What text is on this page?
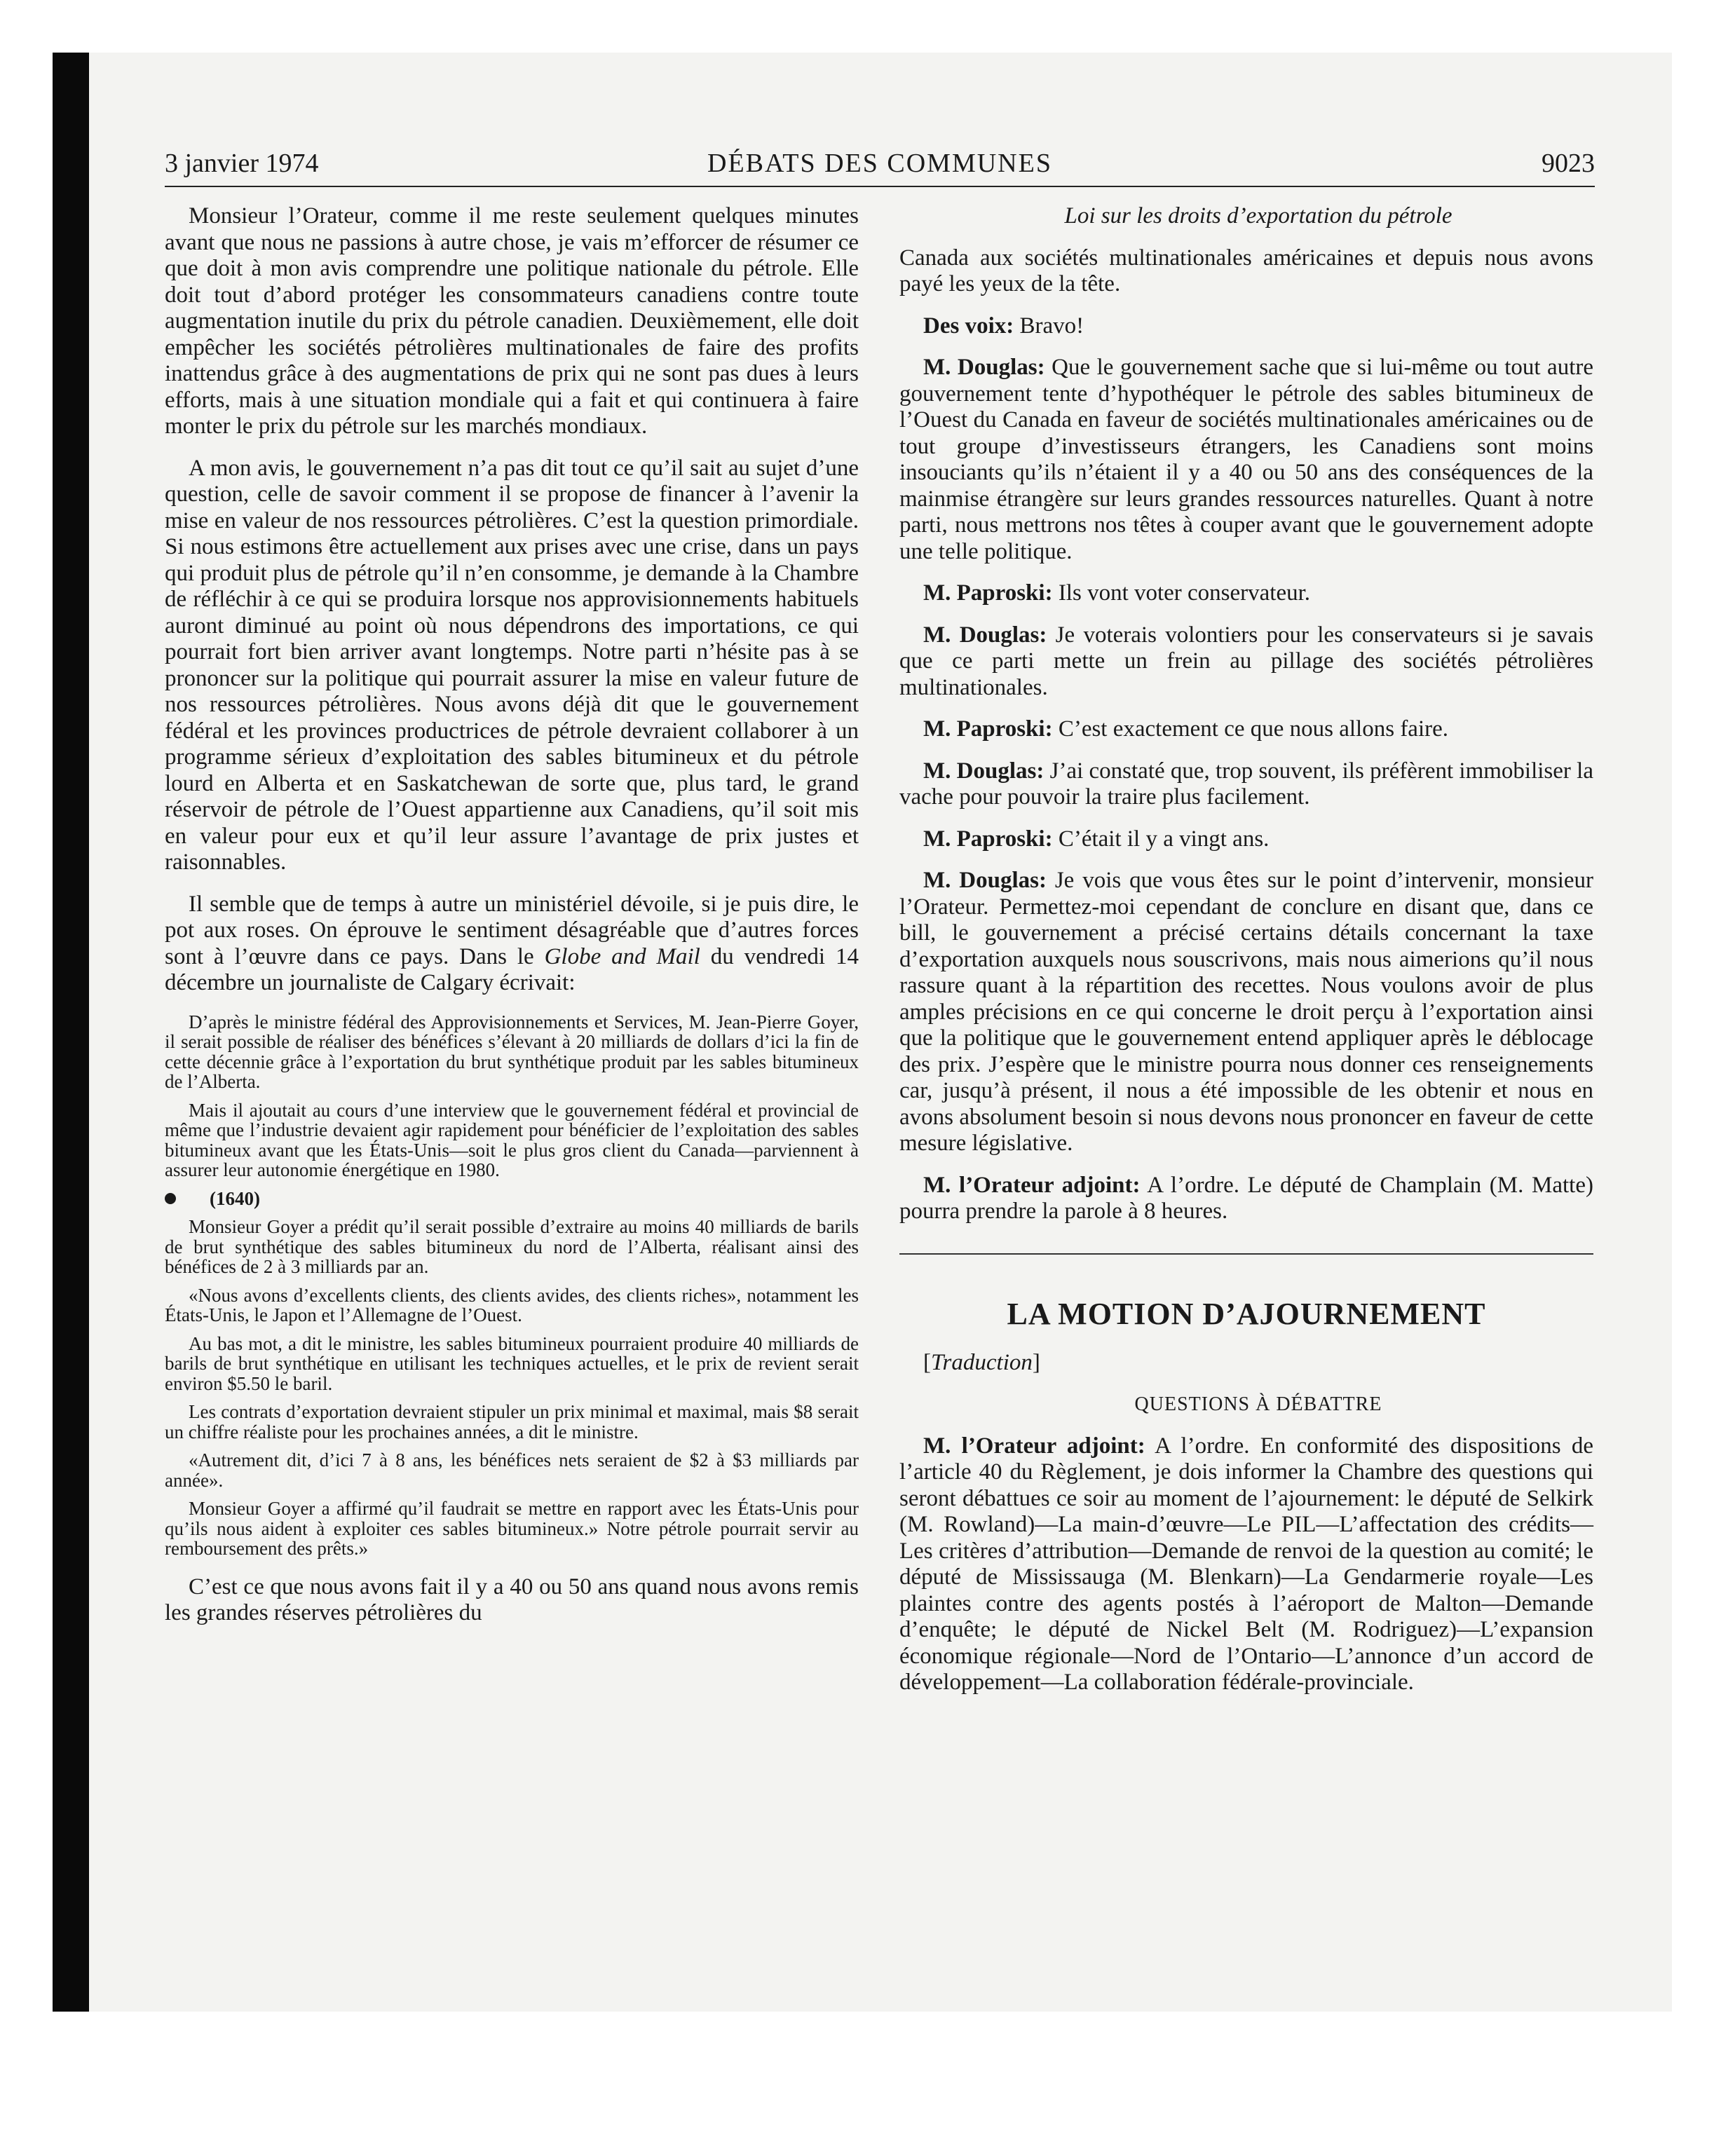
3 janvier 1974	DÉBATS DES COMMUNES	9023

Monsieur l’Orateur, comme il me reste seulement quelques minutes avant que nous ne passions à autre chose, je vais m’efforcer de résumer ce que doit à mon avis comprendre une politique nationale du pétrole. Elle doit tout d’abord protéger les consommateurs canadiens contre toute augmentation inutile du prix du pétrole canadien. Deuxièmement, elle doit empêcher les sociétés pétrolières multinationales de faire des profits inattendus grâce à des augmentations de prix qui ne sont pas dues à leurs efforts, mais à une situation mondiale qui a fait et qui continuera à faire monter le prix du pétrole sur les marchés mondiaux.

A mon avis, le gouvernement n’a pas dit tout ce qu’il sait au sujet d’une question, celle de savoir comment il se propose de financer à l’avenir la mise en valeur de nos ressources pétrolières. C’est la question primordiale. Si nous estimons être actuellement aux prises avec une crise, dans un pays qui produit plus de pétrole qu’il n’en consomme, je demande à la Chambre de réfléchir à ce qui se produira lorsque nos approvisionnements habituels auront diminué au point où nous dépendrons des importations, ce qui pourrait fort bien arriver avant longtemps. Notre parti n’hésite pas à se prononcer sur la politique qui pourrait assurer la mise en valeur future de nos ressources pétrolières. Nous avons déjà dit que le gouvernement fédéral et les provinces productrices de pétrole devraient collaborer à un programme sérieux d’exploitation des sables bitumineux et du pétrole lourd en Alberta et en Saskatchewan de sorte que, plus tard, le grand réservoir de pétrole de l’Ouest appartienne aux Canadiens, qu’il soit mis en valeur pour eux et qu’il leur assure l’avantage de prix justes et raisonnables.

Il semble que de temps à autre un ministériel dévoile, si je puis dire, le pot aux roses. On éprouve le sentiment désagréable que d’autres forces sont à l’œuvre dans ce pays. Dans le Globe and Mail du vendredi 14 décembre un journaliste de Calgary écrivait:

D’après le ministre fédéral des Approvisionnements et Services, M. Jean-Pierre Goyer, il serait possible de réaliser des bénéfices s’élevant à 20 milliards de dollars d’ici la fin de cette décennie grâce à l’exportation du brut synthétique produit par les sables bitumineux de l’Alberta.

Mais il ajoutait au cours d’une interview que le gouvernement fédéral et provincial de même que l’industrie devaient agir rapidement pour bénéficier de l’exploitation des sables bitumineux avant que les États-Unis—soit le plus gros client du Canada—parviennent à assurer leur autonomie énergétique en 1980.

(1640)

Monsieur Goyer a prédit qu’il serait possible d’extraire au moins 40 milliards de barils de brut synthétique des sables bitumineux du nord de l’Alberta, réalisant ainsi des bénéfices de 2 à 3 milliards par an.

«Nous avons d’excellents clients, des clients avides, des clients riches», notamment les États-Unis, le Japon et l’Allemagne de l’Ouest.

Au bas mot, a dit le ministre, les sables bitumineux pourraient produire 40 milliards de barils de brut synthétique en utilisant les techniques actuelles, et le prix de revient serait environ $5.50 le baril.

Les contrats d’exportation devraient stipuler un prix minimal et maximal, mais $8 serait un chiffre réaliste pour les prochaines années, a dit le ministre.

«Autrement dit, d’ici 7 à 8 ans, les bénéfices nets seraient de $2 à $3 milliards par année».

Monsieur Goyer a affirmé qu’il faudrait se mettre en rapport avec les États-Unis pour qu’ils nous aident à exploiter ces sables bitumineux.» Notre pétrole pourrait servir au remboursement des prêts.»

C’est ce que nous avons fait il y a 40 ou 50 ans quand nous avons remis les grandes réserves pétrolières du

Loi sur les droits d’exportation du pétrole

Canada aux sociétés multinationales américaines et depuis nous avons payé les yeux de la tête.

Des voix: Bravo!

M. Douglas: Que le gouvernement sache que si lui-même ou tout autre gouvernement tente d’hypothéquer le pétrole des sables bitumineux de l’Ouest du Canada en faveur de sociétés multinationales américaines ou de tout groupe d’investisseurs étrangers, les Canadiens sont moins insouciants qu’ils n’étaient il y a 40 ou 50 ans des conséquences de la mainmise étrangère sur leurs grandes ressources naturelles. Quant à notre parti, nous mettrons nos têtes à couper avant que le gouvernement adopte une telle politique.

M. Paproski: Ils vont voter conservateur.

M. Douglas: Je voterais volontiers pour les conservateurs si je savais que ce parti mette un frein au pillage des sociétés pétrolières multinationales.

M. Paproski: C’est exactement ce que nous allons faire.

M. Douglas: J’ai constaté que, trop souvent, ils préfèrent immobiliser la vache pour pouvoir la traire plus facilement.

M. Paproski: C’était il y a vingt ans.

M. Douglas: Je vois que vous êtes sur le point d’intervenir, monsieur l’Orateur. Permettez-moi cependant de conclure en disant que, dans ce bill, le gouvernement a précisé certains détails concernant la taxe d’exportation auxquels nous souscrivons, mais nous aimerions qu’il nous rassure quant à la répartition des recettes. Nous voulons avoir de plus amples précisions en ce qui concerne le droit perçu à l’exportation ainsi que la politique que le gouvernement entend appliquer après le déblocage des prix. J’espère que le ministre pourra nous donner ces renseignements car, jusqu’à présent, il nous a été impossible de les obtenir et nous en avons absolument besoin si nous devons nous prononcer en faveur de cette mesure législative.

M. l’Orateur adjoint: A l’ordre. Le député de Champlain (M. Matte) pourra prendre la parole à 8 heures.

LA MOTION D’AJOURNEMENT

[Traduction]

QUESTIONS À DÉBATTRE

M. l’Orateur adjoint: A l’ordre. En conformité des dispositions de l’article 40 du Règlement, je dois informer la Chambre des questions qui seront débattues ce soir au moment de l’ajournement: le député de Selkirk (M. Rowland)—La main-d’œuvre—Le PIL—L’affectation des crédits—Les critères d’attribution—Demande de renvoi de la question au comité; le député de Mississauga (M. Blenkarn)—La Gendarmerie royale—Les plaintes contre des agents postés à l’aéroport de Malton—Demande d’enquête; le député de Nickel Belt (M. Rodriguez)—L’expansion économique régionale—Nord de l’Ontario—L’annonce d’un accord de développement—La collaboration fédérale-provinciale.
